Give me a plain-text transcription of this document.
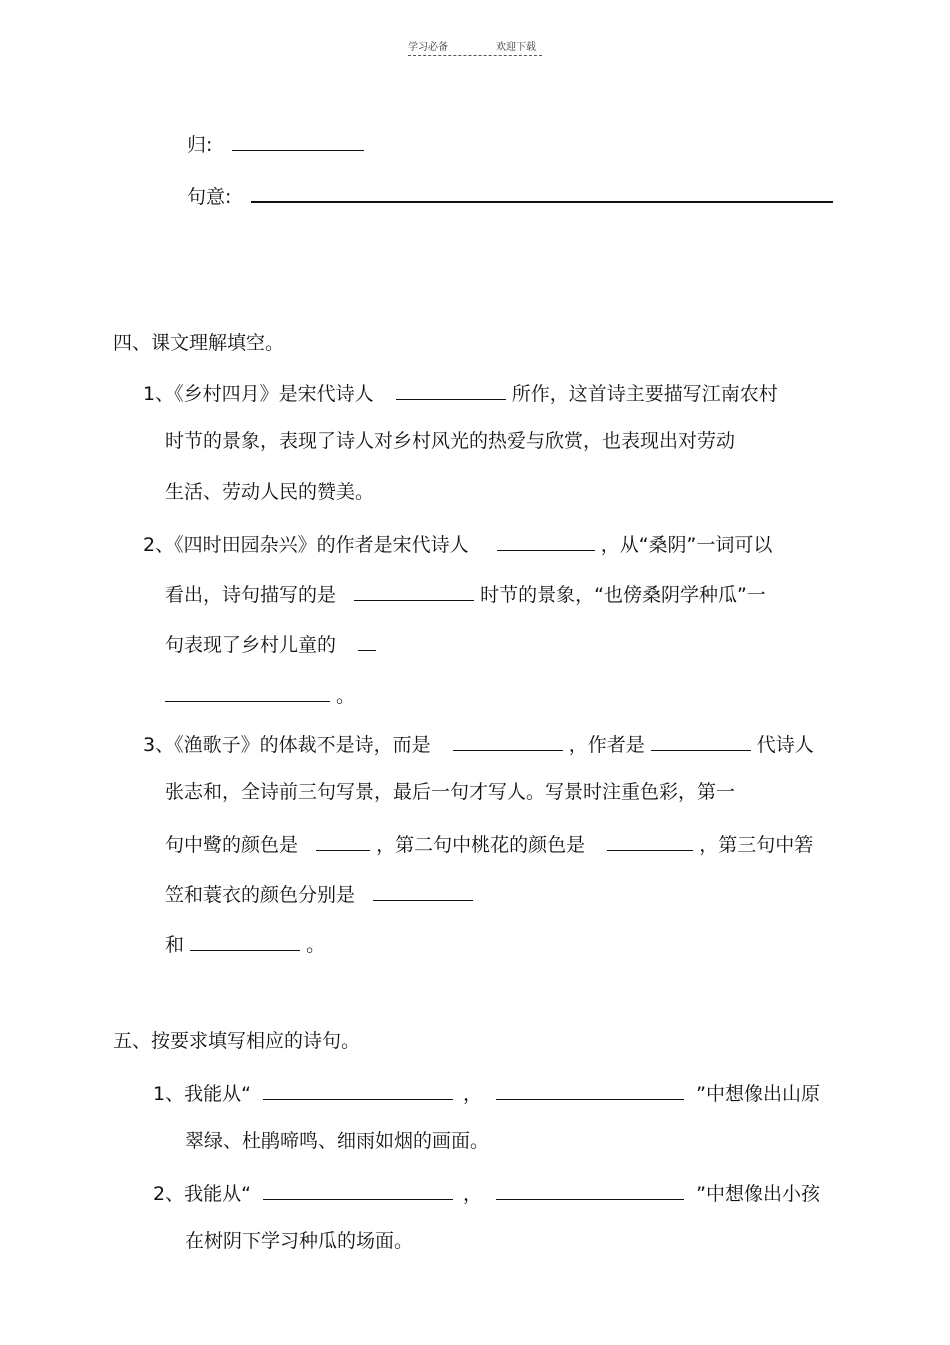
学习必备	欢迎下载
归:
句意:
四、课文理解填空。
1、《乡村四月》是宋代诗人	所作，这首诗主要描写江南农村
时节的景象，表现了诗人对乡村风光的热爱与欣赏，也表现出对劳动
生活、劳动人民的赞美。
2、《四时田园杂兴》的作者是宋代诗人	，从“桑阴”一词可以
看出，诗句描写的是	时节的景象，“也傍桑阴学种瓜”一
句表现了乡村儿童的
。
3、《渔歌子》的体裁不是诗，而是	，作者是	代诗人
张志和，全诗前三句写景，最后一句才写人。写景时注重色彩，第一
句中鹭的颜色是	，第二句中桃花的颜色是	，第三句中箬
笠和蓑衣的颜色分别是
和	。
五、按要求填写相应的诗句。
1、我能从“	，	”中想像出山原
翠绿、杜鹃啼鸣、细雨如烟的画面。
2、我能从“	，	”中想像出小孩
在树阴下学习种瓜的场面。
